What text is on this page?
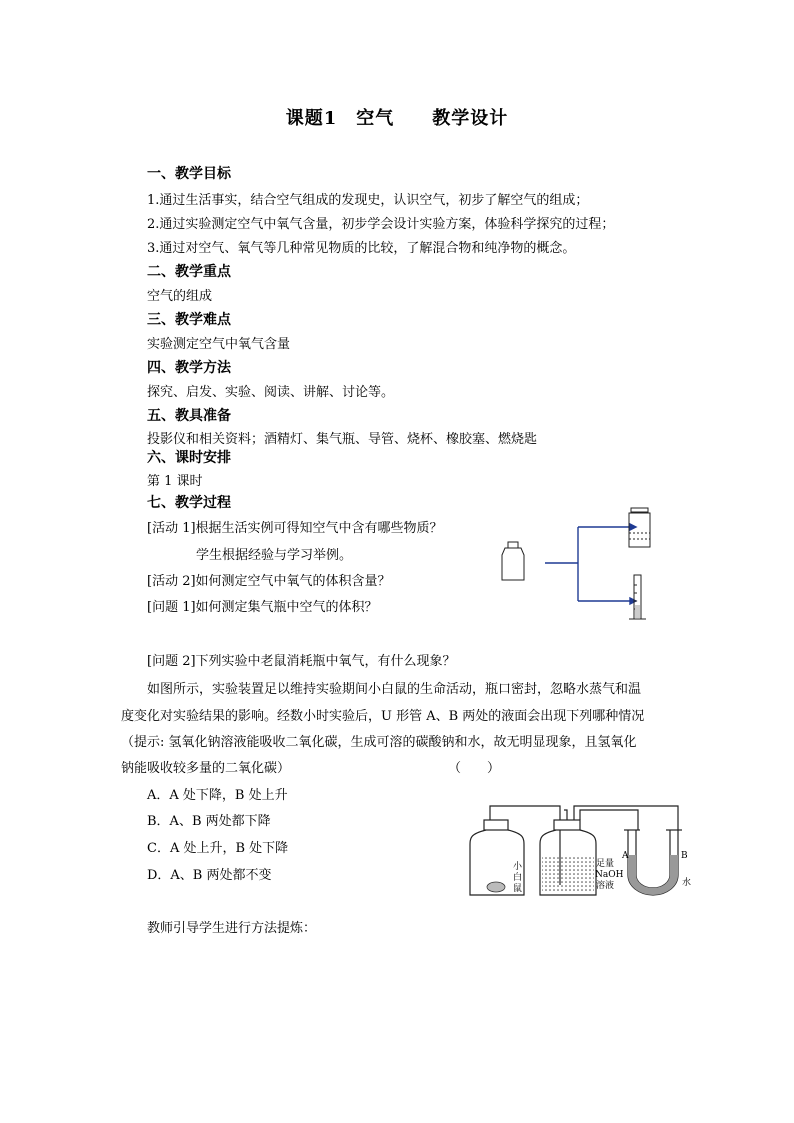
课题1　空气　　教学设计
一、教学目标
1.通过生活事实，结合空气组成的发现史，认识空气，初步了解空气的组成；
2.通过实验测定空气中氧气含量，初步学会设计实验方案，体验科学探究的过程；
3.通过对空气、氧气等几种常见物质的比较，了解混合物和纯净物的概念。
二、教学重点
空气的组成
三、教学难点
实验测定空气中氧气含量
四、教学方法
探究、启发、实验、阅读、讲解、讨论等。
五、教具准备
投影仪和相关资料；酒精灯、集气瓶、导管、烧杯、橡胶塞、燃烧匙
六、课时安排
第 1 课时
七、教学过程
[活动 1]根据生活实例可得知空气中含有哪些物质？
学生根据经验与学习举例。
[活动 2]如何测定空气中氧气的体积含量？
[问题 1]如何测定集气瓶中空气的体积？
[问题 2]下列实验中老鼠消耗瓶中氧气，有什么现象？
如图所示，实验装置足以维持实验期间小白鼠的生命活动，瓶口密封，忽略水蒸气和温
度变化对实验结果的影响。经数小时实验后，U 形管 A、B 两处的液面会出现下列哪种情况
（提示: 氢氧化钠溶液能吸收二氧化碳，生成可溶的碳酸钠和水，故无明显现象，且氢氧化
钠能吸收较多量的二氧化碳）	（　　）
A．A 处下降，B 处上升
B．A、B 两处都下降
C．A 处上升，B 处下降
D．A、B 两处都不变
小
白
鼠
足量
NaOH
溶液
A	B
水
教师引导学生进行方法提炼：
